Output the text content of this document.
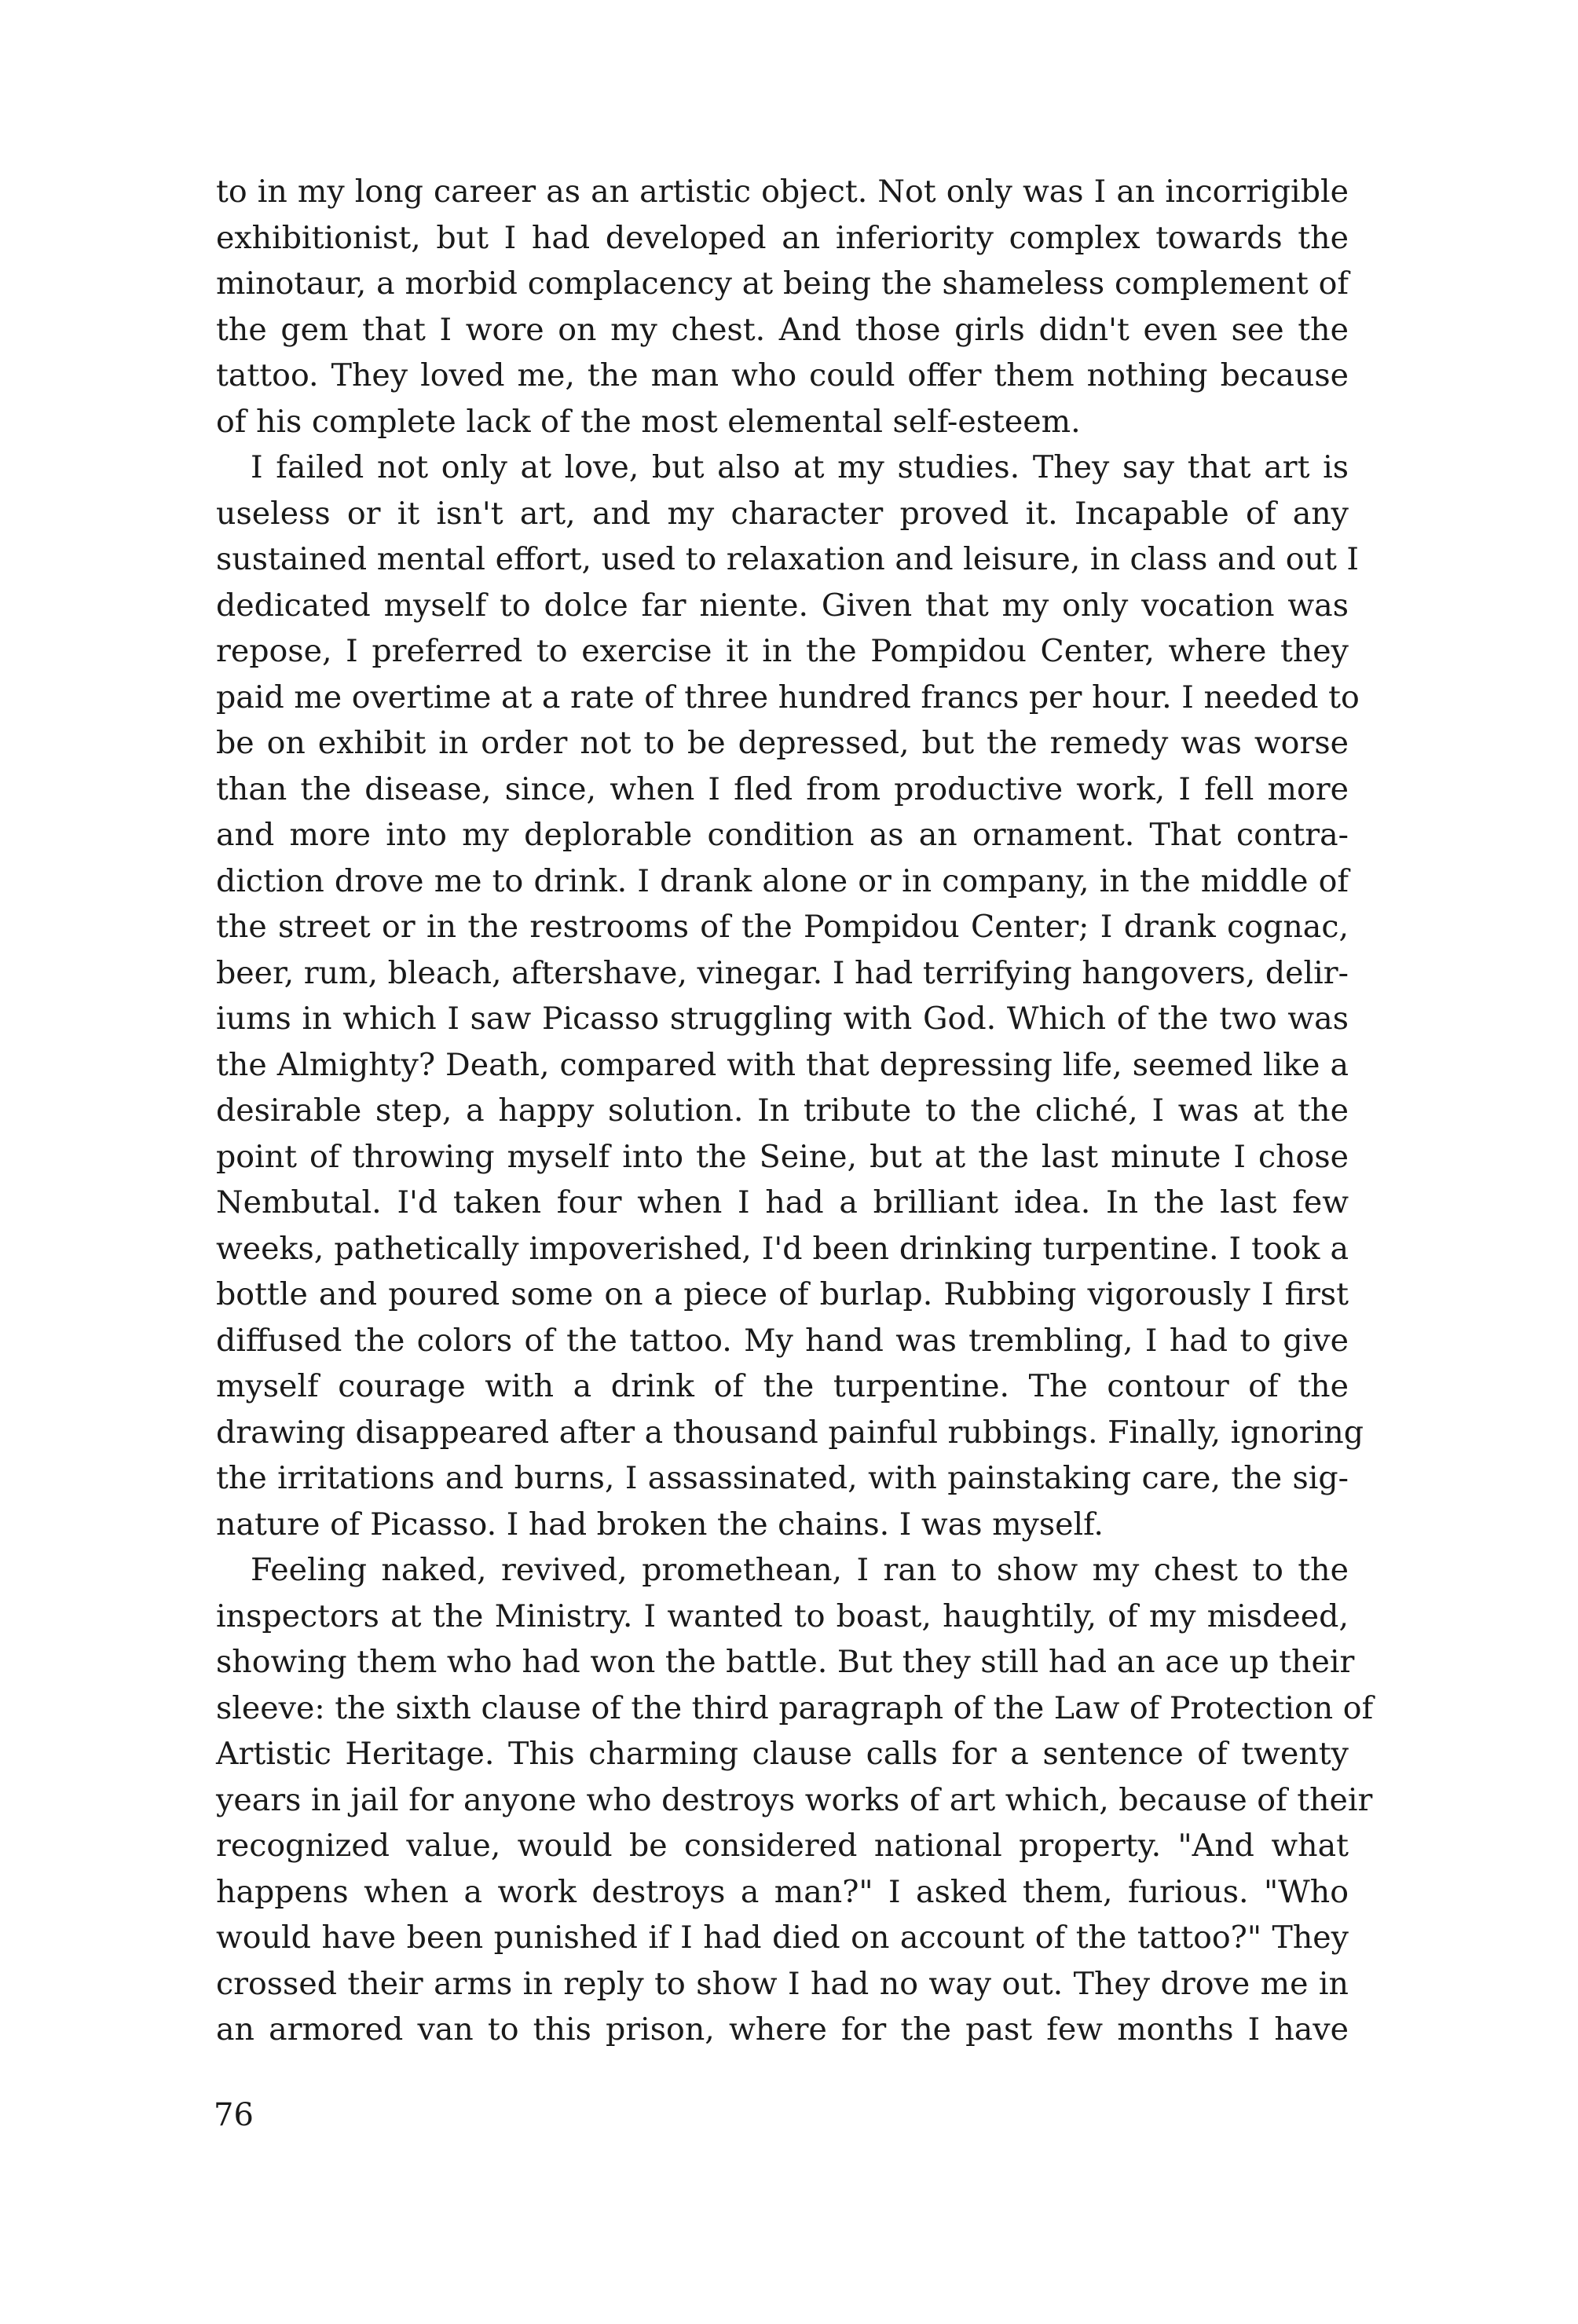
to in my long career as an artistic object. Not only was I an incorrigible
exhibitionist, but I had developed an inferiority complex towards the
minotaur, a morbid complacency at being the shameless complement of
the gem that I wore on my chest. And those girls didn't even see the
tattoo. They loved me, the man who could offer them nothing because
of his complete lack of the most elemental self-esteem.
I failed not only at love, but also at my studies. They say that art is
useless or it isn't art, and my character proved it. Incapable of any
sustained mental effort, used to relaxation and leisure, in class and out I
dedicated myself to dolce far niente. Given that my only vocation was
repose, I preferred to exercise it in the Pompidou Center, where they
paid me overtime at a rate of three hundred francs per hour. I needed to
be on exhibit in order not to be depressed, but the remedy was worse
than the disease, since, when I fled from productive work, I fell more
and more into my deplorable condition as an ornament. That contra-
diction drove me to drink. I drank alone or in company, in the middle of
the street or in the restrooms of the Pompidou Center; I drank cognac,
beer, rum, bleach, aftershave, vinegar. I had terrifying hangovers, delir-
iums in which I saw Picasso struggling with God. Which of the two was
the Almighty? Death, compared with that depressing life, seemed like a
desirable step, a happy solution. In tribute to the cliché, I was at the
point of throwing myself into the Seine, but at the last minute I chose
Nembutal. I'd taken four when I had a brilliant idea. In the last few
weeks, pathetically impoverished, I'd been drinking turpentine. I took a
bottle and poured some on a piece of burlap. Rubbing vigorously I first
diffused the colors of the tattoo. My hand was trembling, I had to give
myself courage with a drink of the turpentine. The contour of the
drawing disappeared after a thousand painful rubbings. Finally, ignoring
the irritations and burns, I assassinated, with painstaking care, the sig-
nature of Picasso. I had broken the chains. I was myself.
Feeling naked, revived, promethean, I ran to show my chest to the
inspectors at the Ministry. I wanted to boast, haughtily, of my misdeed,
showing them who had won the battle. But they still had an ace up their
sleeve: the sixth clause of the third paragraph of the Law of Protection of
Artistic Heritage. This charming clause calls for a sentence of twenty
years in jail for anyone who destroys works of art which, because of their
recognized value, would be considered national property. "And what
happens when a work destroys a man?" I asked them, furious. "Who
would have been punished if I had died on account of the tattoo?" They
crossed their arms in reply to show I had no way out. They drove me in
an armored van to this prison, where for the past few months I have
76
